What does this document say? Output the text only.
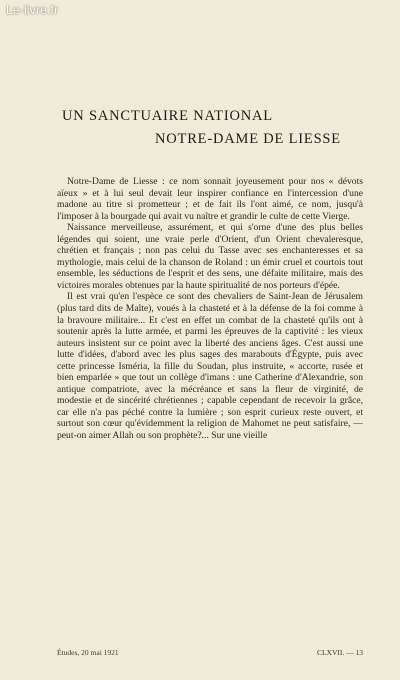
Le-livre.fr
UN SANCTUAIRE NATIONAL
NOTRE-DAME DE LIESSE

Notre-Dame de Liesse : ce nom sonnait joyeusement pour nos « dévots aïeux » et à lui seul devait leur inspirer confiance en l'intercession d'une madone au titre si prometteur ; et de fait ils l'ont aimé, ce nom, jusqu'à l'imposer à la bourgade qui avait vu naître et grandir le culte de cette Vierge.

Naissance merveilleuse, assurément, et qui s'orne d'une des plus belles légendes qui soient, une vraie perle d'Orient, d'un Orient chevaleresque, chrétien et français ; non pas celui du Tasse avec ses enchanteresses et sa mythologie, mais celui de la chanson de Roland : un émir cruel et courtois tout ensemble, les séductions de l'esprit et des sens, une défaite militaire, mais des victoires morales obtenues par la haute spiritualité de nos porteurs d'épée.

Il est vrai qu'en l'espèce ce sont des chevaliers de Saint-Jean de Jérusalem (plus tard dits de Malte), voués à la chasteté et à la défense de la foi comme à la bravoure militaire... Et c'est en effet un combat de la chasteté qu'ils ont à soutenir après la lutte armée, et parmi les épreuves de la captivité : les vieux auteurs insistent sur ce point avec la liberté des anciens âges. C'est aussi une lutte d'idées, d'abord avec les plus sages des marabouts d'Égypte, puis avec cette princesse Isméria, la fille du Soudan, plus instruite, « accorte, rusée et bien emparlée » que tout un collège d'imans : une Catherine d'Alexandrie, son antique compatriote, avec la mécréance et sans la fleur de virginité, de modestie et de sincérité chrétiennes ; capable cependant de recevoir la grâce, car elle n'a pas péché contre la lumière ; son esprit curieux reste ouvert, et surtout son cœur qu'évidemment la religion de Mahomet ne peut satisfaire, — peut-on aimer Allah ou son prophète?... Sur une vieille

Études, 20 mai 1921	CLXVII. — 13
